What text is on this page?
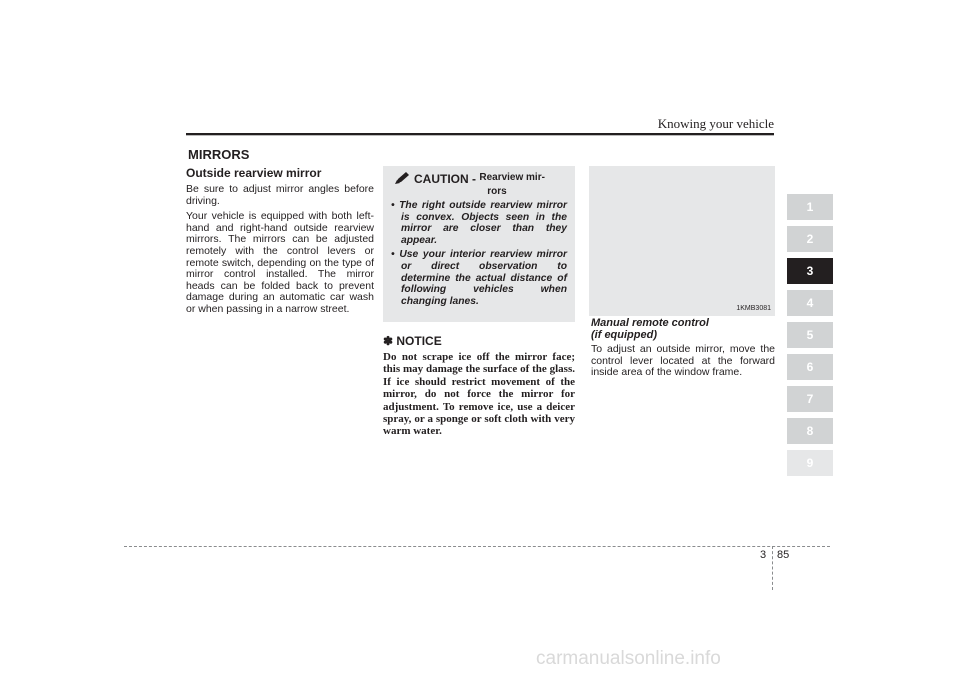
Knowing your vehicle
MIRRORS
Outside rearview mirror

Be sure to adjust mirror angles before driving.

Your vehicle is equipped with both left-hand and right-hand outside rearview mirrors. The mirrors can be adjusted remotely with the control levers or remote switch, depending on the type of mirror control installed. The mirror heads can be folded back to prevent damage during an automatic car wash or when passing in a narrow street.

CAUTION -
Rearview mir-
rors
• The right outside rearview mirror is convex. Objects seen in the mirror are closer than they appear.
• Use your interior rearview mirror or direct observation to determine the actual distance of following vehicles when changing lanes.
✽ NOTICE

Do not scrape ice off the mirror face; this may damage the surface of the glass. If ice should restrict movement of the mirror, do not force the mirror for adjustment. To remove ice, use a deicer spray, or a sponge or soft cloth with very warm water.

1KMB3081
Manual remote control
(if equipped)

To adjust an outside mirror, move the control lever located at the forward inside area of the window frame.

1
2
3
4
5
6
7
8
9
3 85
carmanualsonline.info
